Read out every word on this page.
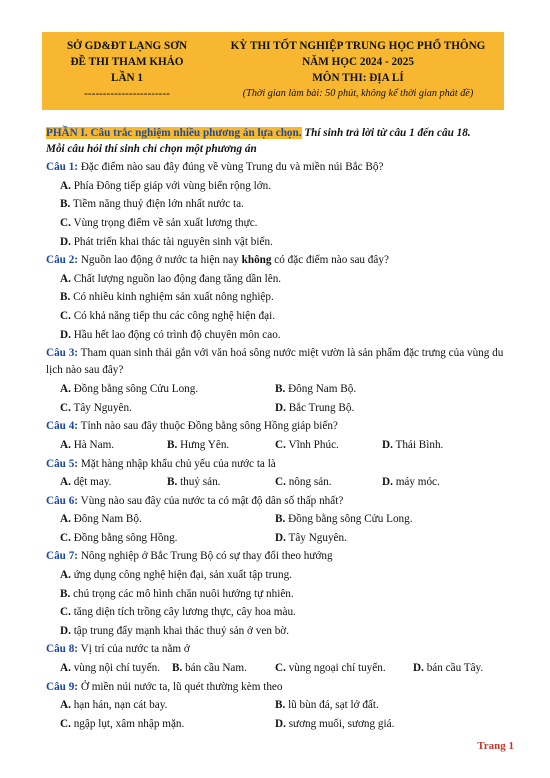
SỞ GD&ĐT LẠNG SƠN
ĐỀ THI THAM KHẢO
LẦN 1
-----------------------
KỲ THI TỐT NGHIỆP TRUNG HỌC PHỔ THÔNG
NĂM HỌC 2024 - 2025
MÔN THI: ĐỊA LÍ
(Thời gian làm bài: 50 phút, không kể thời gian phát đề)
PHẦN I. Câu trắc nghiệm nhiều phương án lựa chọn. Thí sinh trả lời từ câu 1 đến câu 18.
Mỗi câu hỏi thí sinh chỉ chọn một phương án
Câu 1: Đặc điểm nào sau đây đúng về vùng Trung du và miền núi Bắc Bộ?
A. Phía Đông tiếp giáp với vùng biển rộng lớn.
B. Tiềm năng thuỷ điện lớn nhất nước ta.
C. Vùng trọng điểm về sản xuất lương thực.
D. Phát triển khai thác tài nguyên sinh vật biển.
Câu 2: Nguồn lao động ở nước ta hiện nay không có đặc điểm nào sau đây?
A. Chất lượng nguồn lao động đang tăng dần lên.
B. Có nhiều kinh nghiệm sản xuất nông nghiệp.
C. Có khả năng tiếp thu các công nghệ hiện đại.
D. Hầu hết lao động có trình độ chuyên môn cao.
Câu 3: Tham quan sinh thái gắn với văn hoá sông nước miệt vườn là sản phẩm đặc trưng của vùng du lịch nào sau đây?
A. Đồng bằng sông Cửu Long.	B. Đông Nam Bộ.
C. Tây Nguyên.	D. Bắc Trung Bộ.
Câu 4: Tỉnh nào sau đây thuộc Đồng bằng sông Hồng giáp biển?
A. Hà Nam.	B. Hưng Yên.	C. Vĩnh Phúc.	D. Thái Bình.
Câu 5: Mặt hàng nhập khẩu chủ yếu của nước ta là
A. dệt may.	B. thuỷ sản.	C. nông sản.	D. máy móc.
Câu 6: Vùng nào sau đây của nước ta có mật độ dân số thấp nhất?
A. Đông Nam Bộ.	B. Đồng bằng sông Cửu Long.
C. Đồng bằng sông Hồng.	D. Tây Nguyên.
Câu 7: Nông nghiệp ở Bắc Trung Bộ có sự thay đổi theo hướng
A. ứng dụng công nghệ hiện đại, sản xuất tập trung.
B. chú trọng các mô hình chăn nuôi hướng tự nhiên.
C. tăng diện tích trồng cây lương thực, cây hoa màu.
D. tập trung đẩy mạnh khai thác thuỷ sản ở ven bờ.
Câu 8: Vị trí của nước ta nằm ở
A. vùng nội chí tuyến.	B. bán cầu Nam.	C. vùng ngoại chí tuyến.	D. bán cầu Tây.
Câu 9: Ở miền núi nước ta, lũ quét thường kèm theo
A. hạn hán, nạn cát bay.	B. lũ bùn đá, sạt lở đất.
C. ngập lụt, xâm nhập mặn.	D. sương muối, sương giá.
Trang 1
